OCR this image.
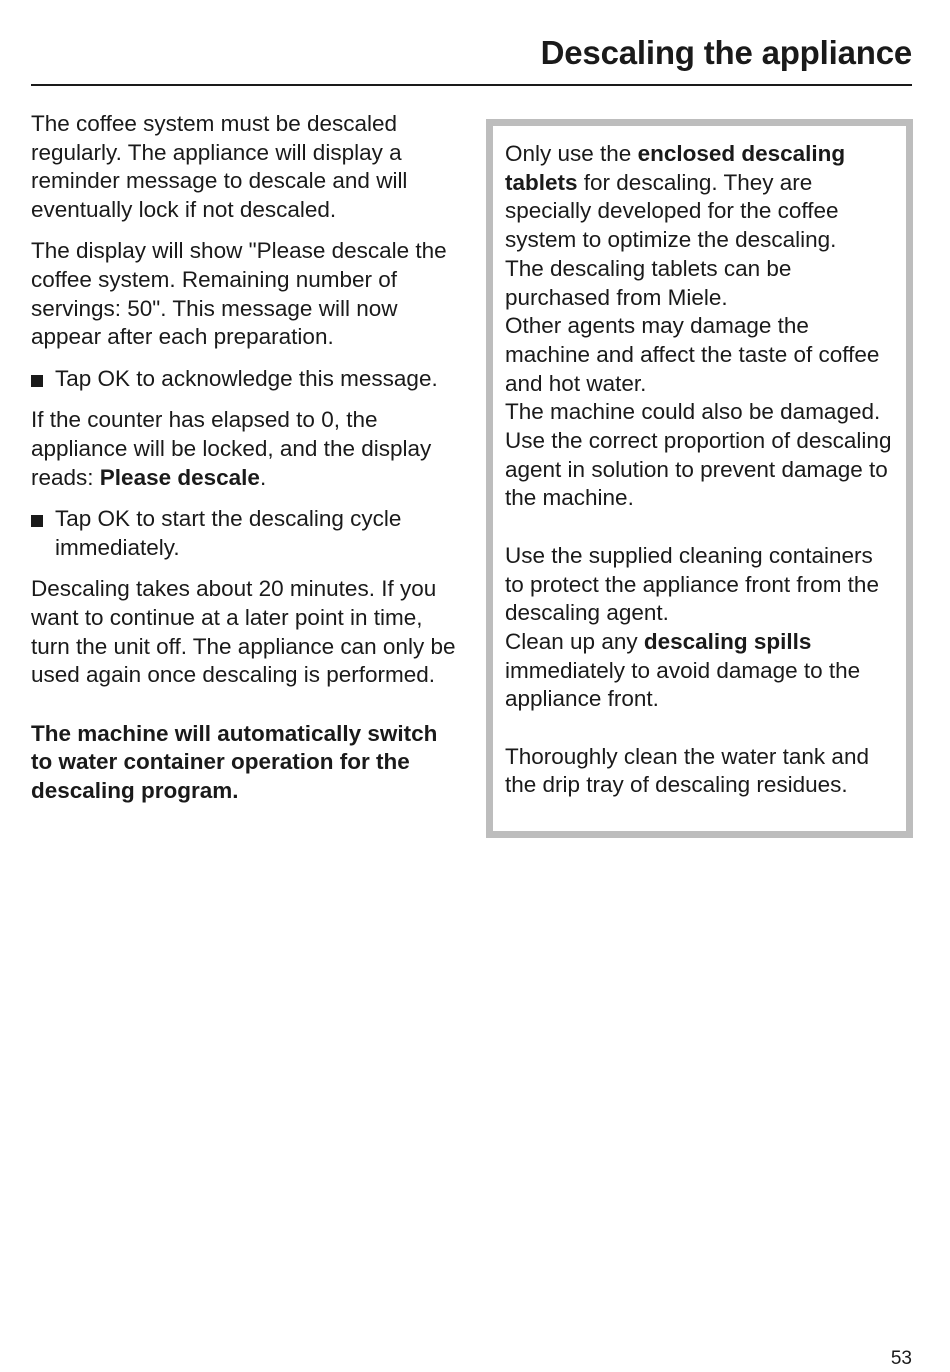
Descaling the appliance

The coffee system must be descaled regularly. The appliance will display a reminder message to descale and will eventually lock if not descaled.

The display will show "Please descale the coffee system. Remaining number of servings: 50". This message will now appear after each preparation.

Tap OK to acknowledge this message.

If the counter has elapsed to 0, the appliance will be locked, and the display reads: Please descale.

Tap OK to start the descaling cycle immediately.

Descaling takes about 20 minutes. If you want to continue at a later point in time, turn the unit off. The appliance can only be used again once descaling is performed.

The machine will automatically switch to water container operation for the descaling program.

Only use the enclosed descaling tablets for descaling. They are specially developed for the coffee system to optimize the descaling.
The descaling tablets can be purchased from Miele.
Other agents may damage the machine and affect the taste of coffee and hot water.
The machine could also be damaged.
Use the correct proportion of descaling agent in solution to prevent damage to the machine.
Use the supplied cleaning containers to protect the appliance front from the descaling agent.
Clean up any descaling spills immediately to avoid damage to the appliance front.
Thoroughly clean the water tank and the drip tray of descaling residues.
53
